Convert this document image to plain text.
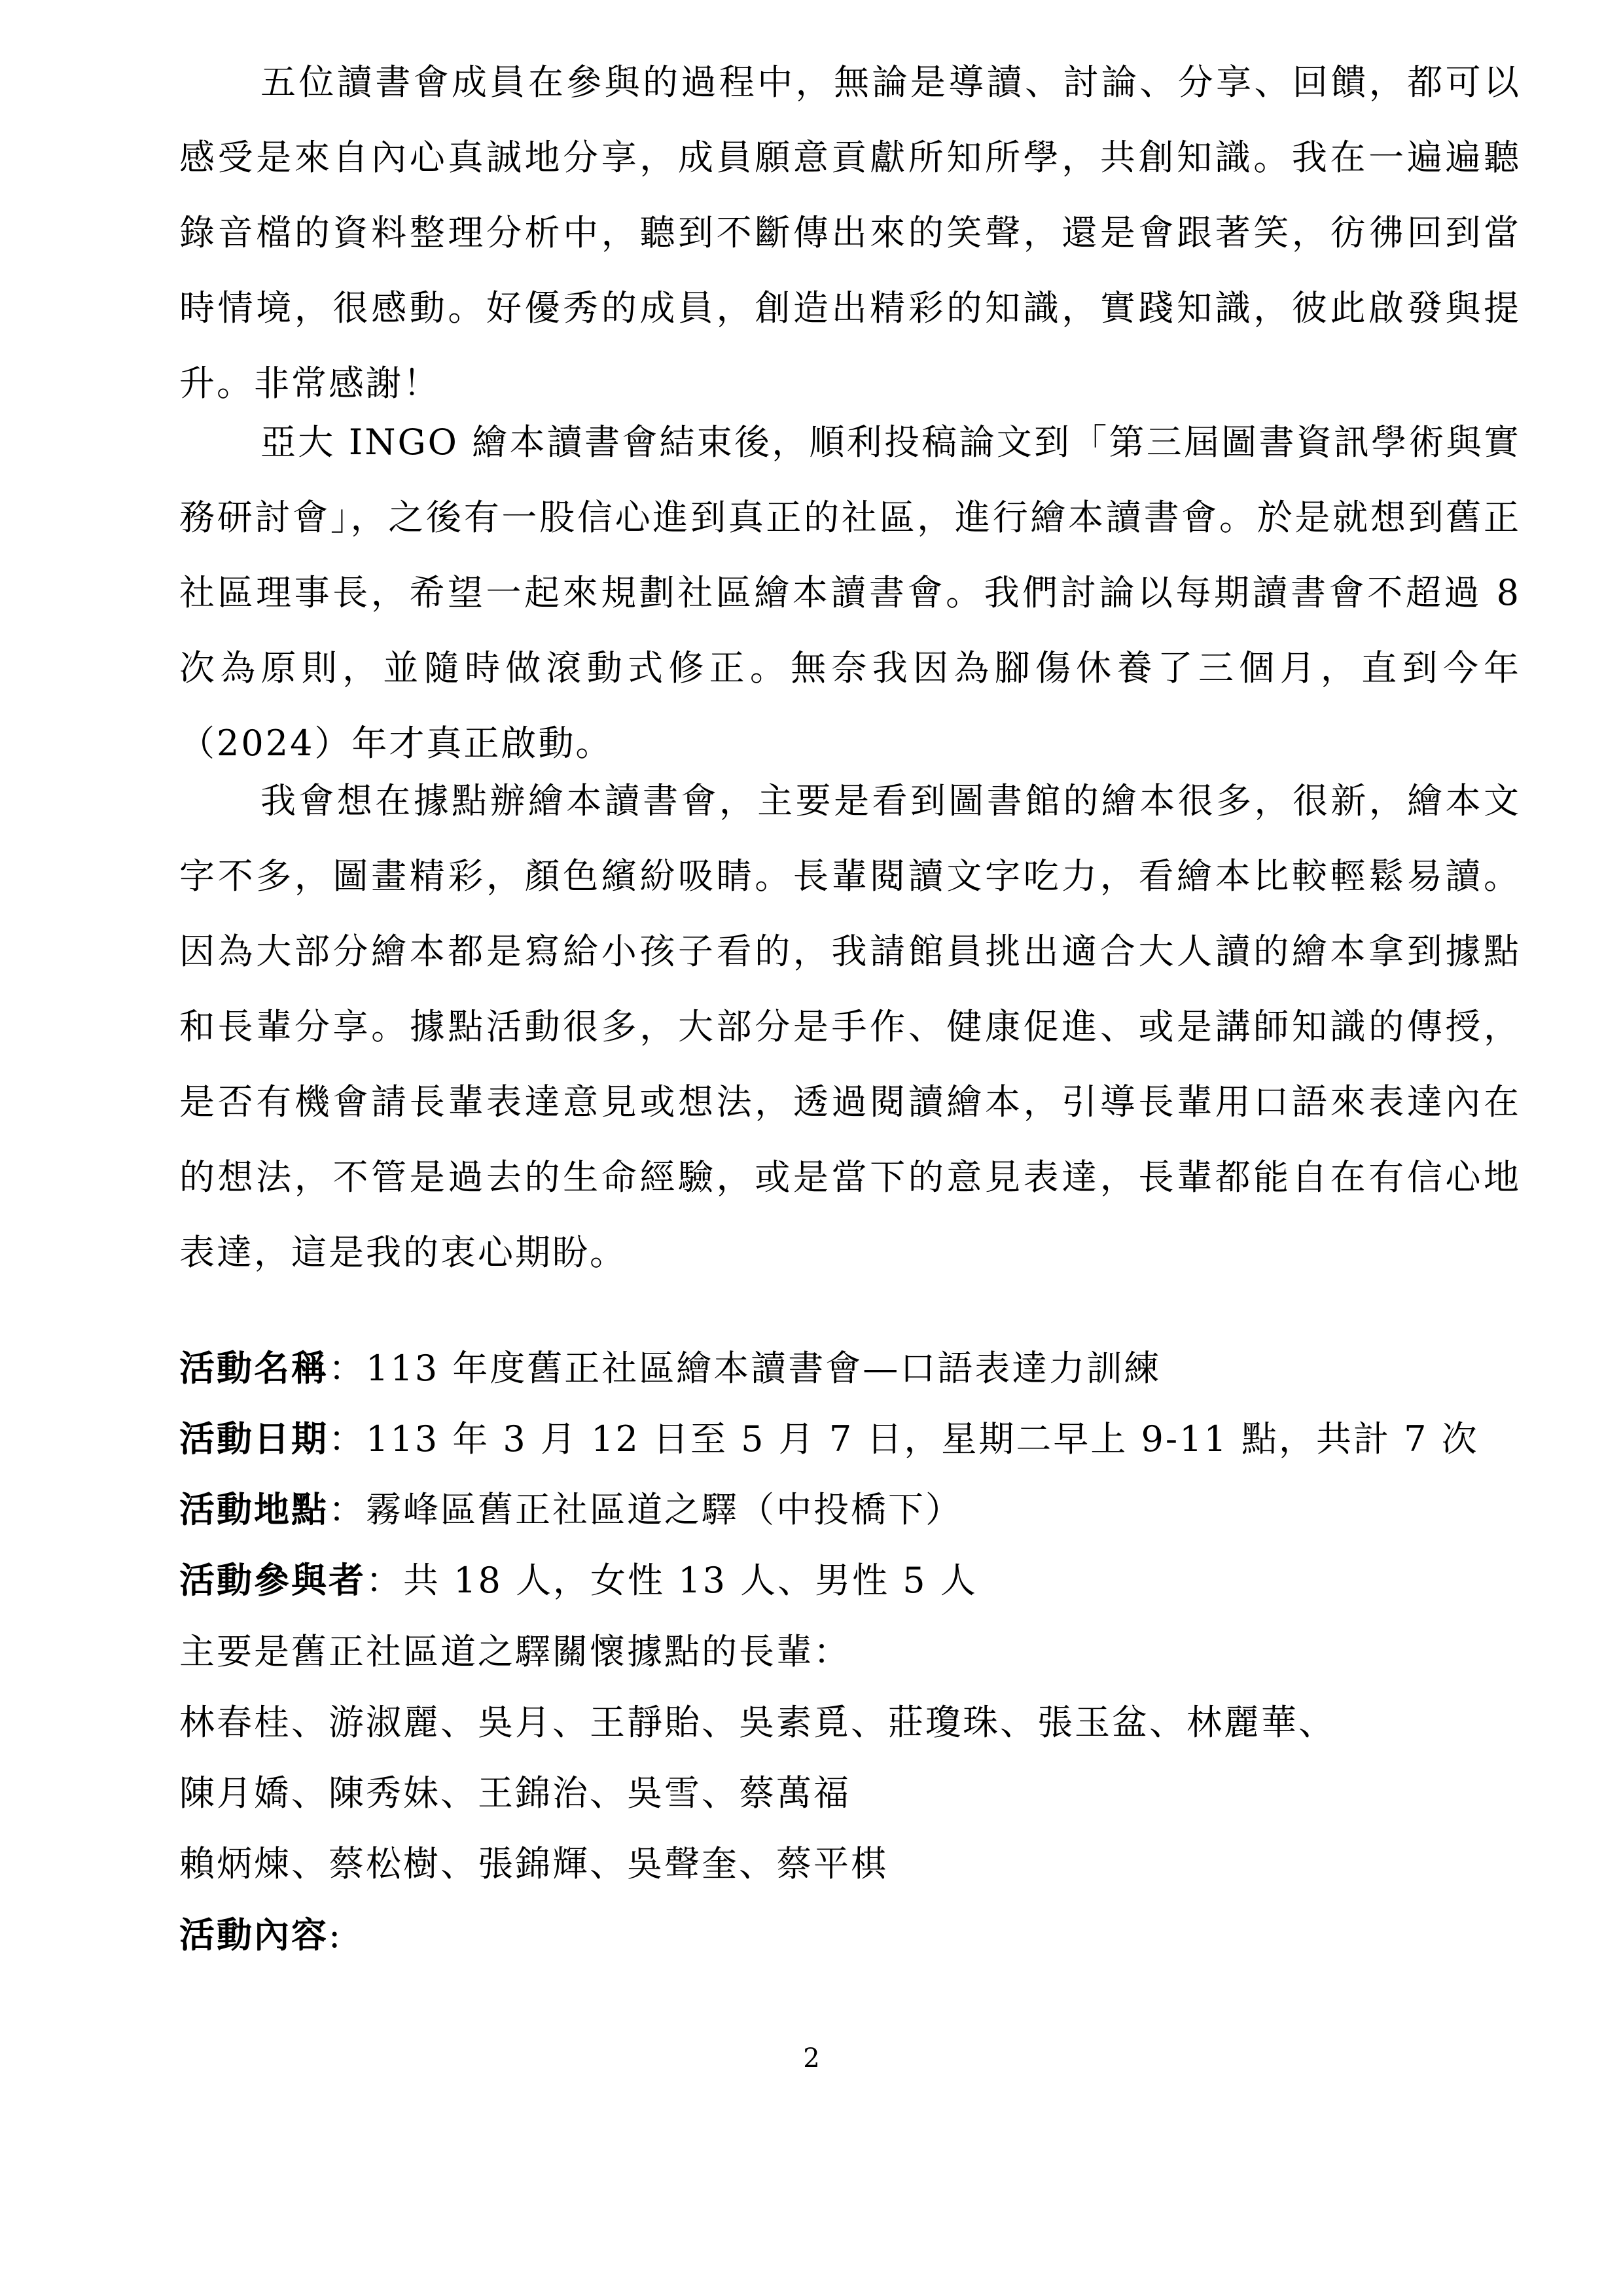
五位讀書會成員在參與的過程中，無論是導讀、討論、分享、回饋，都可以感受是來自內心真誠地分享，成員願意貢獻所知所學，共創知識。我在一遍遍聽錄音檔的資料整理分析中，聽到不斷傳出來的笑聲，還是會跟著笑，彷彿回到當時情境，很感動。好優秀的成員，創造出精彩的知識，實踐知識，彼此啟發與提升。非常感謝！

亞大 INGO 繪本讀書會結束後，順利投稿論文到「第三屆圖書資訊學術與實務研討會」，之後有一股信心進到真正的社區，進行繪本讀書會。於是就想到舊正社區理事長，希望一起來規劃社區繪本讀書會。我們討論以每期讀書會不超過 8 次為原則，並隨時做滾動式修正。無奈我因為腳傷休養了三個月，直到今年（2024）年才真正啟動。

我會想在據點辦繪本讀書會，主要是看到圖書館的繪本很多，很新，繪本文字不多，圖畫精彩，顏色繽紛吸睛。長輩閱讀文字吃力，看繪本比較輕鬆易讀。因為大部分繪本都是寫給小孩子看的，我請館員挑出適合大人讀的繪本拿到據點和長輩分享。據點活動很多，大部分是手作、健康促進、或是講師知識的傳授，是否有機會請長輩表達意見或想法，透過閱讀繪本，引導長輩用口語來表達內在的想法，不管是過去的生命經驗，或是當下的意見表達，長輩都能自在有信心地表達，這是我的衷心期盼。

活動名稱：113 年度舊正社區繪本讀書會—口語表達力訓練
活動日期：113 年 3 月 12 日至 5 月 7 日，星期二早上 9-11 點，共計 7 次
活動地點：霧峰區舊正社區道之驛（中投橋下）
活動參與者：共 18 人，女性 13 人、男性 5 人
主要是舊正社區道之驛關懷據點的長輩：
林春桂、游淑麗、吳月、王靜貽、吳素覓、莊瓊珠、張玉盆、林麗華、
陳月嬌、陳秀妹、王錦治、吳雪、蔡萬福
賴炳煉、蔡松樹、張錦輝、吳聲奎、蔡平棋
活動內容:
2
